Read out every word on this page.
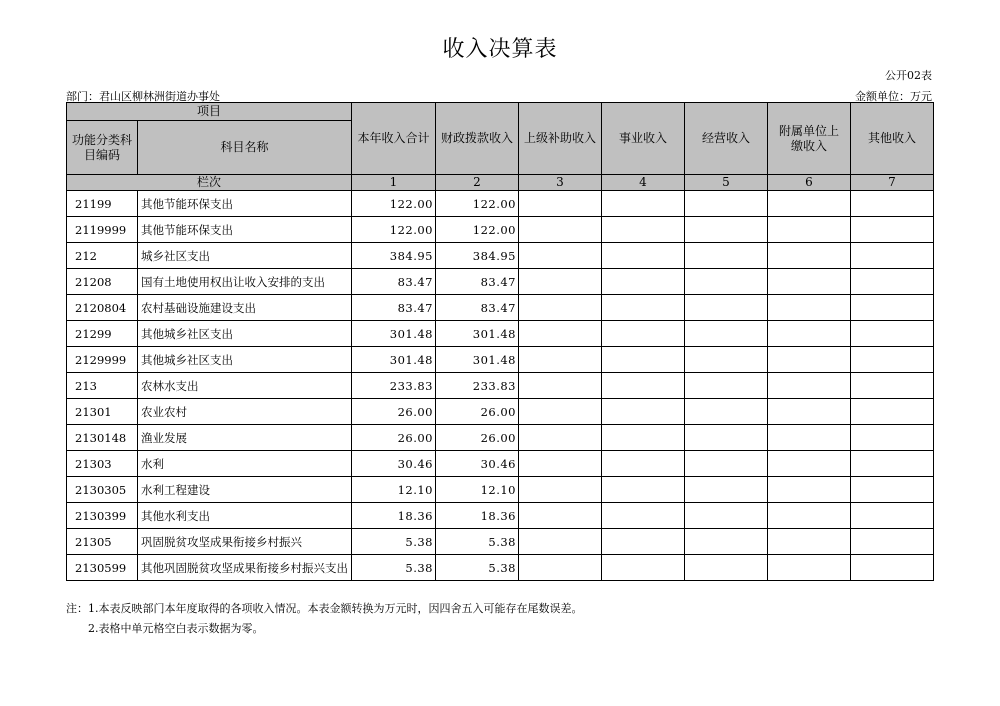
收入决算表
公开02表
部门：君山区柳林洲街道办事处	金额单位：万元
项目		本年收入合计	财政拨款收入	上级补助收入	事业收入	经营收入	附属单位上缴收入	其他收入
功能分类科目编码	科目名称							
栏次		1	2	3	4	5	6	7
21199	其他节能环保支出	122.00	122.00					
2119999	其他节能环保支出	122.00	122.00					
212	城乡社区支出	384.95	384.95					
21208	国有土地使用权出让收入安排的支出	83.47	83.47					
2120804	农村基础设施建设支出	83.47	83.47					
21299	其他城乡社区支出	301.48	301.48					
2129999	其他城乡社区支出	301.48	301.48					
213	农林水支出	233.83	233.83					
21301	农业农村	26.00	26.00					
2130148	渔业发展	26.00	26.00					
21303	水利	30.46	30.46					
2130305	水利工程建设	12.10	12.10					
2130399	其他水利支出	18.36	18.36					
21305	巩固脱贫攻坚成果衔接乡村振兴	5.38	5.38					
2130599	其他巩固脱贫攻坚成果衔接乡村振兴支出	5.38	5.38					
注：1.本表反映部门本年度取得的各项收入情况。本表金额转换为万元时，因四舍五入可能存在尾数误差。
2.表格中单元格空白表示数据为零。
